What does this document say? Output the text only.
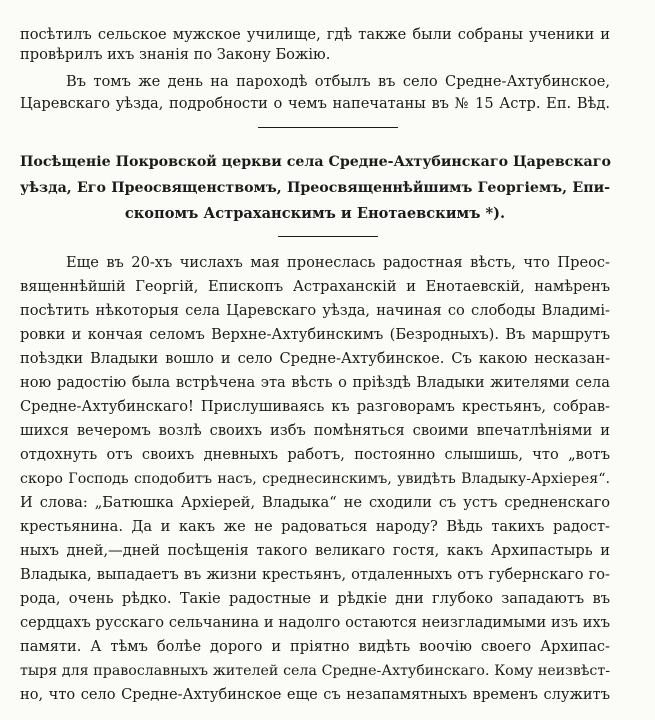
посѣтилъ сельское мужское училище, гдѣ также были собраны ученики и
провѣрилъ ихъ знанія по Закону Божію.
Въ томъ же день на пароходѣ отбылъ въ село Средне-Ахтубинское,
Царевскаго уѣзда, подробности о чемъ напечатаны въ № 15 Астр. Еп. Вѣд.
Посѣщеніе Покровской церкви села Средне-Ахтубинскаго Царевскаго
уѣзда, Его Преосвященствомъ, Преосвященнѣйшимъ Георгіемъ, Епи-
скопомъ Астраханскимъ и Енотаевскимъ *).
Еще въ 20-хъ числахъ мая пронеслась радостная вѣсть, что Преос-
вященнѣйшій Георгій, Епископъ Астраханскій и Енотаевскій, намѣренъ
посѣтить нѣкоторыя села Царевскаго уѣзда, начиная со слободы Владимі-
ровки и кончая селомъ Верхне-Ахтубинскимъ (Безродныхъ). Въ маршрутъ
поѣздки Владыки вошло и село Средне-Ахтубинское. Съ какою несказан-
ною радостію была встрѣчена эта вѣсть о пріѣздѣ Владыки жителями села
Средне-Ахтубинскаго! Прислушиваясь къ разговорамъ крестьянъ, собрав-
шихся вечеромъ возлѣ своихъ избъ помѣняться своими впечатлѣніями и
отдохнуть отъ своихъ дневныхъ работъ, постоянно слышишь, что „вотъ
скоро Господь сподобитъ насъ, среднесинскимъ, увидѣть Владыку-Архіерея“.
И слова: „Батюшка Архіерей, Владыка“ не сходили съ устъ средненскаго
крестьянина. Да и какъ же не радоваться народу? Вѣдь такихъ радост-
ныхъ дней,—дней посѣщенія такого великаго гостя, какъ Архипастырь и
Владыка, выпадаетъ въ жизни крестьянъ, отдаленныхъ отъ губернскаго го-
рода, очень рѣдко. Такіе радостные и рѣдкіе дни глубоко западаютъ въ
сердцахъ русскаго сельчанина и надолго остаются неизгладимыми изъ ихъ
памяти. А тѣмъ болѣе дорого и пріятно видѣть воочію своего Архипас-
тыря для православныхъ жителей села Средне-Ахтубинскаго. Кому неизвѣст-
но, что село Средне-Ахтубинское еще съ незапамятныхъ временъ служитъ
